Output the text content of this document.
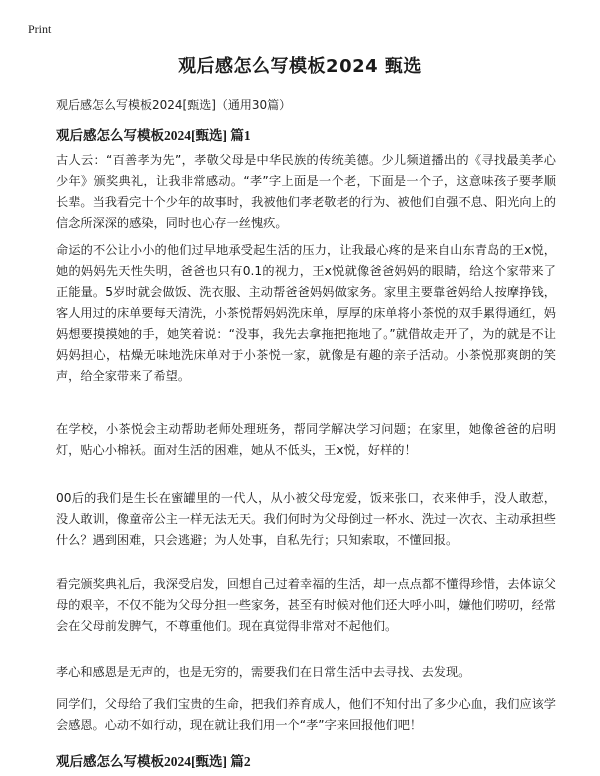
Print
观后感怎么写模板2024 甄选
观后感怎么写模板2024[甄选]（通用30篇）
观后感怎么写模板2024[甄选] 篇1

古人云：“百善孝为先”，孝敬父母是中华民族的传统美德。少儿频道播出的《寻找最美孝心少年》颁奖典礼，让我非常感动。“孝”字上面是一个老，下面是一个子，这意味孩子要孝顺长辈。当我看完十个少年的故事时，我被他们孝老敬老的行为、被他们自强不息、阳光向上的信念所深深的感染，同时也心存一丝愧疚。

命运的不公让小小的他们过早地承受起生活的压力，让我最心疼的是来自山东青岛的王x悦，她的妈妈先天性失明，爸爸也只有0.1的视力，王x悦就像爸爸妈妈的眼睛，给这个家带来了正能量。5岁时就会做饭、洗衣服、主动帮爸爸妈妈做家务。家里主要靠爸妈给人按摩挣钱，客人用过的床单要每天清洗，小茶悦帮妈妈洗床单，厚厚的床单将小茶悦的双手累得通红，妈妈想要摸摸她的手，她笑着说：“没事，我先去拿拖把拖地了。”就借故走开了，为的就是不让妈妈担心，枯燥无味地洗床单对于小茶悦一家，就像是有趣的亲子活动。小茶悦那爽朗的笑声，给全家带来了希望。

在学校，小茶悦会主动帮助老师处理班务，帮同学解决学习问题；在家里，她像爸爸的启明灯，贴心小棉袄。面对生活的困难，她从不低头，王x悦，好样的！

00后的我们是生长在蜜罐里的一代人，从小被父母宠爱，饭来张口，衣来伸手，没人敢惹，没人敢训，像童帝公主一样无法无天。我们何时为父母倒过一杯水、洗过一次衣、主动承担些什么？遇到困难，只会逃避；为人处事，自私先行；只知索取，不懂回报。

看完颁奖典礼后，我深受启发，回想自己过着幸福的生活，却一点点都不懂得珍惜，去体谅父母的艰辛，不仅不能为父母分担一些家务，甚至有时候对他们还大呼小叫，嫌他们唠叨，经常会在父母前发脾气，不尊重他们。现在真觉得非常对不起他们。

孝心和感恩是无声的，也是无穷的，需要我们在日常生活中去寻找、去发现。

同学们，父母给了我们宝贵的生命，把我们养育成人，他们不知付出了多少心血，我们应该学会感恩。心动不如行动，现在就让我们用一个“孝”字来回报他们吧！

观后感怎么写模板2024[甄选] 篇2
